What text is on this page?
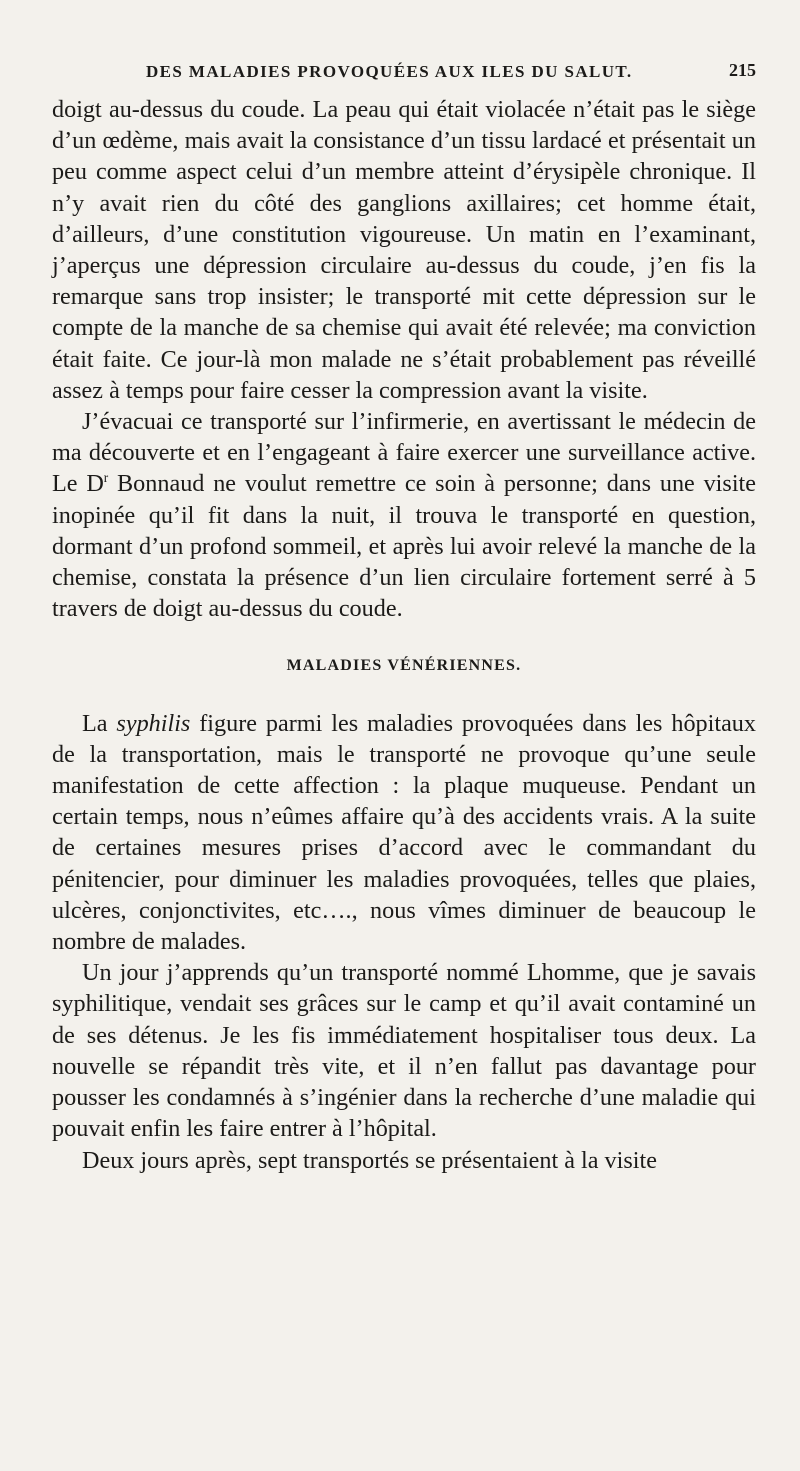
DES MALADIES PROVOQUÉES AUX ILES DU SALUT.	215

doigt au-dessus du coude. La peau qui était violacée n’était pas le siège d’un œdème, mais avait la consistance d’un tissu lardacé et présentait un peu comme aspect celui d’un membre atteint d’érysipèle chronique. Il n’y avait rien du côté des ganglions axillaires; cet homme était, d’ailleurs, d’une constitution vigoureuse. Un matin en l’examinant, j’aperçus une dépression circulaire au-dessus du coude, j’en fis la remarque sans trop insister; le transporté mit cette dépression sur le compte de la manche de sa chemise qui avait été relevée; ma conviction était faite. Ce jour-là mon malade ne s’était probablement pas réveillé assez à temps pour faire cesser la compression avant la visite.

J’évacuai ce transporté sur l’infirmerie, en avertissant le médecin de ma découverte et en l’engageant à faire exercer une surveillance active. Le $D^r$ Bonnaud ne voulut remettre ce soin à personne; dans une visite inopinée qu’il fit dans la nuit, il trouva le transporté en question, dormant d’un profond sommeil, et après lui avoir relevé la manche de la chemise, constata la présence d’un lien circulaire fortement serré à 5 travers de doigt au-dessus du coude.

MALADIES VÉNÉRIENNES.

La syphilis figure parmi les maladies provoquées dans les hôpitaux de la transportation, mais le transporté ne provoque qu’une seule manifestation de cette affection : la plaque muqueuse. Pendant un certain temps, nous n’eûmes affaire qu’à des accidents vrais. A la suite de certaines mesures prises d’accord avec le commandant du pénitencier, pour diminuer les maladies provoquées, telles que plaies, ulcères, conjonctivites, etc…., nous vîmes diminuer de beaucoup le nombre de malades.

Un jour j’apprends qu’un transporté nommé Lhomme, que je savais syphilitique, vendait ses grâces sur le camp et qu’il avait contaminé un de ses détenus. Je les fis immédiatement hospitaliser tous deux. La nouvelle se répandit très vite, et il n’en fallut pas davantage pour pousser les condamnés à s’ingénier dans la recherche d’une maladie qui pouvait enfin les faire entrer à l’hôpital.

Deux jours après, sept transportés se présentaient à la visite
